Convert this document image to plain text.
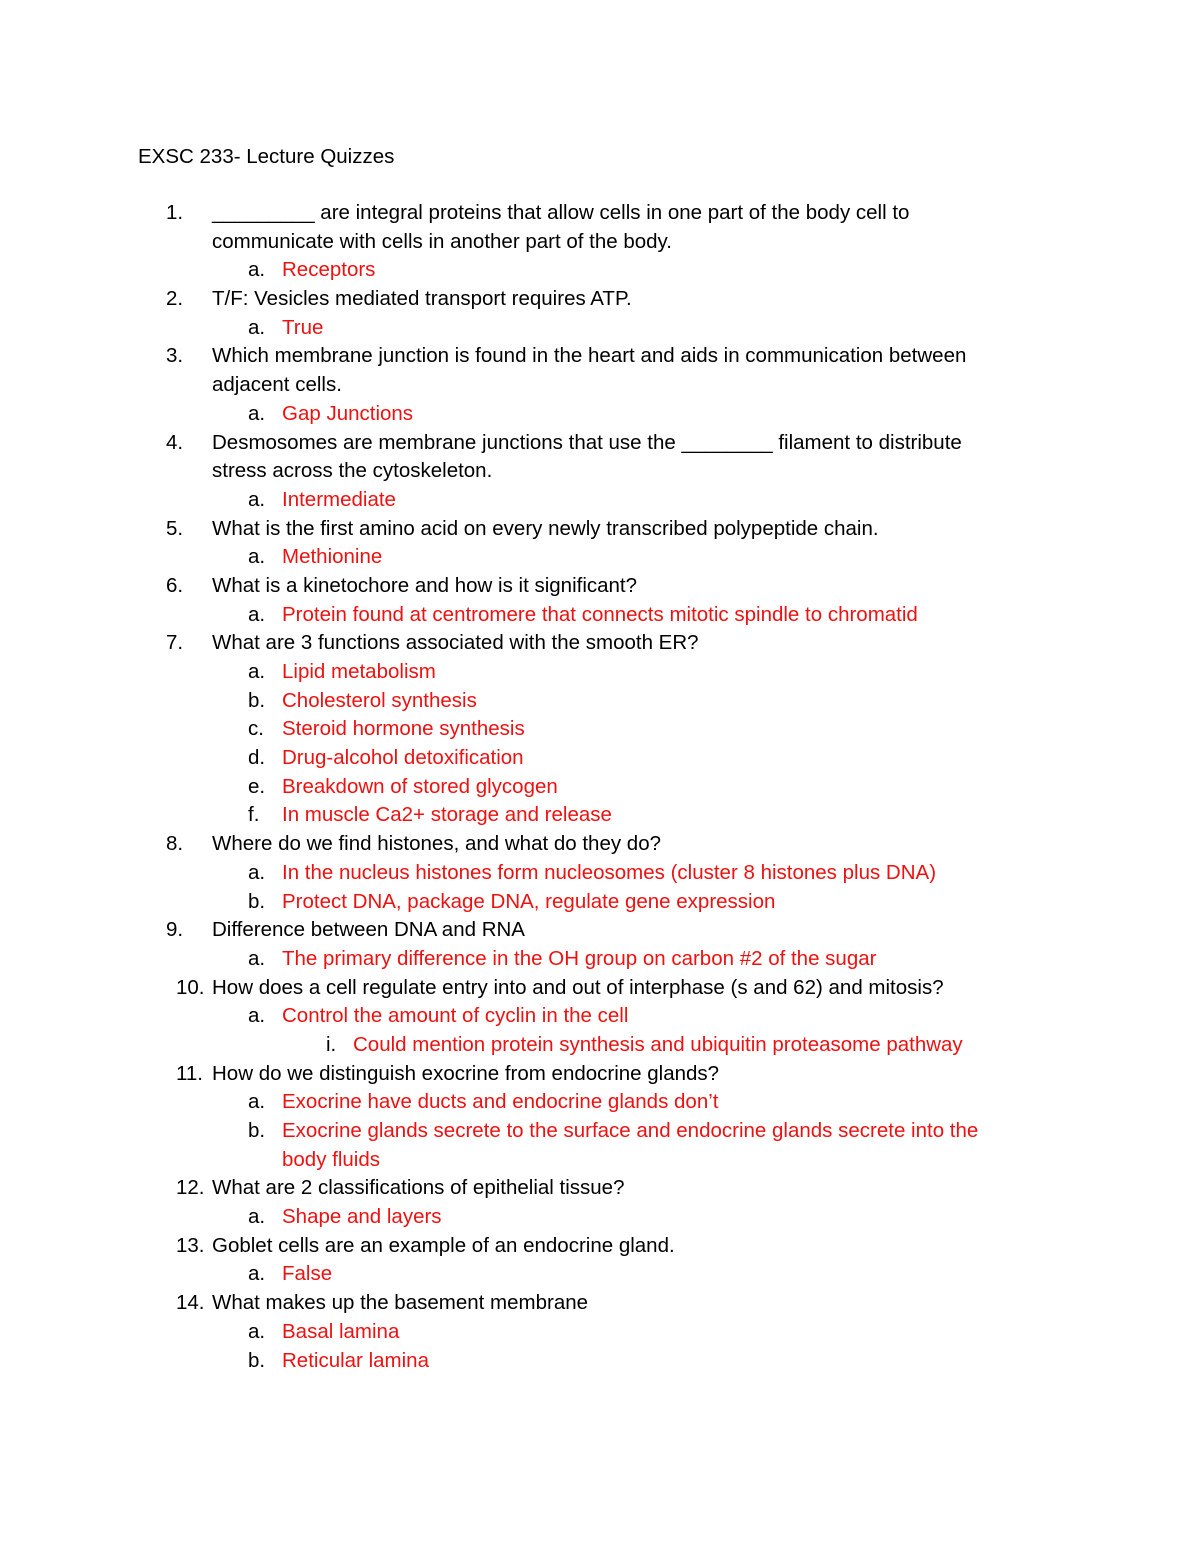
EXSC 233- Lecture Quizzes
1.	_________ are integral proteins that allow cells in one part of the body cell to
communicate with cells in another part of the body.
a. Receptors
2.	T/F: Vesicles mediated transport requires ATP.
a. True
3.	Which membrane junction is found in the heart and aids in communication between
adjacent cells.
a. Gap Junctions
4.	Desmosomes are membrane junctions that use the ________ filament to distribute
stress across the cytoskeleton.
a. Intermediate
5.	What is the first amino acid on every newly transcribed polypeptide chain.
a. Methionine
6.	What is a kinetochore and how is it significant?
a. Protein found at centromere that connects mitotic spindle to chromatid
7.	What are 3 functions associated with the smooth ER?
a. Lipid metabolism
b. Cholesterol synthesis
c. Steroid hormone synthesis
d. Drug-alcohol detoxification
e. Breakdown of stored glycogen
f. In muscle Ca2+ storage and release
8.	Where do we find histones, and what do they do?
a. In the nucleus histones form nucleosomes (cluster 8 histones plus DNA)
b. Protect DNA, package DNA, regulate gene expression
9.	Difference between DNA and RNA
a. The primary difference in the OH group on carbon #2 of the sugar
10. How does a cell regulate entry into and out of interphase (s and 62) and mitosis?
a. Control the amount of cyclin in the cell
i. Could mention protein synthesis and ubiquitin proteasome pathway
11. How do we distinguish exocrine from endocrine glands?
a. Exocrine have ducts and endocrine glands don’t
b. Exocrine glands secrete to the surface and endocrine glands secrete into the
body fluids
12. What are 2 classifications of epithelial tissue?
a. Shape and layers
13. Goblet cells are an example of an endocrine gland.
a. False
14. What makes up the basement membrane
a. Basal lamina
b. Reticular lamina
